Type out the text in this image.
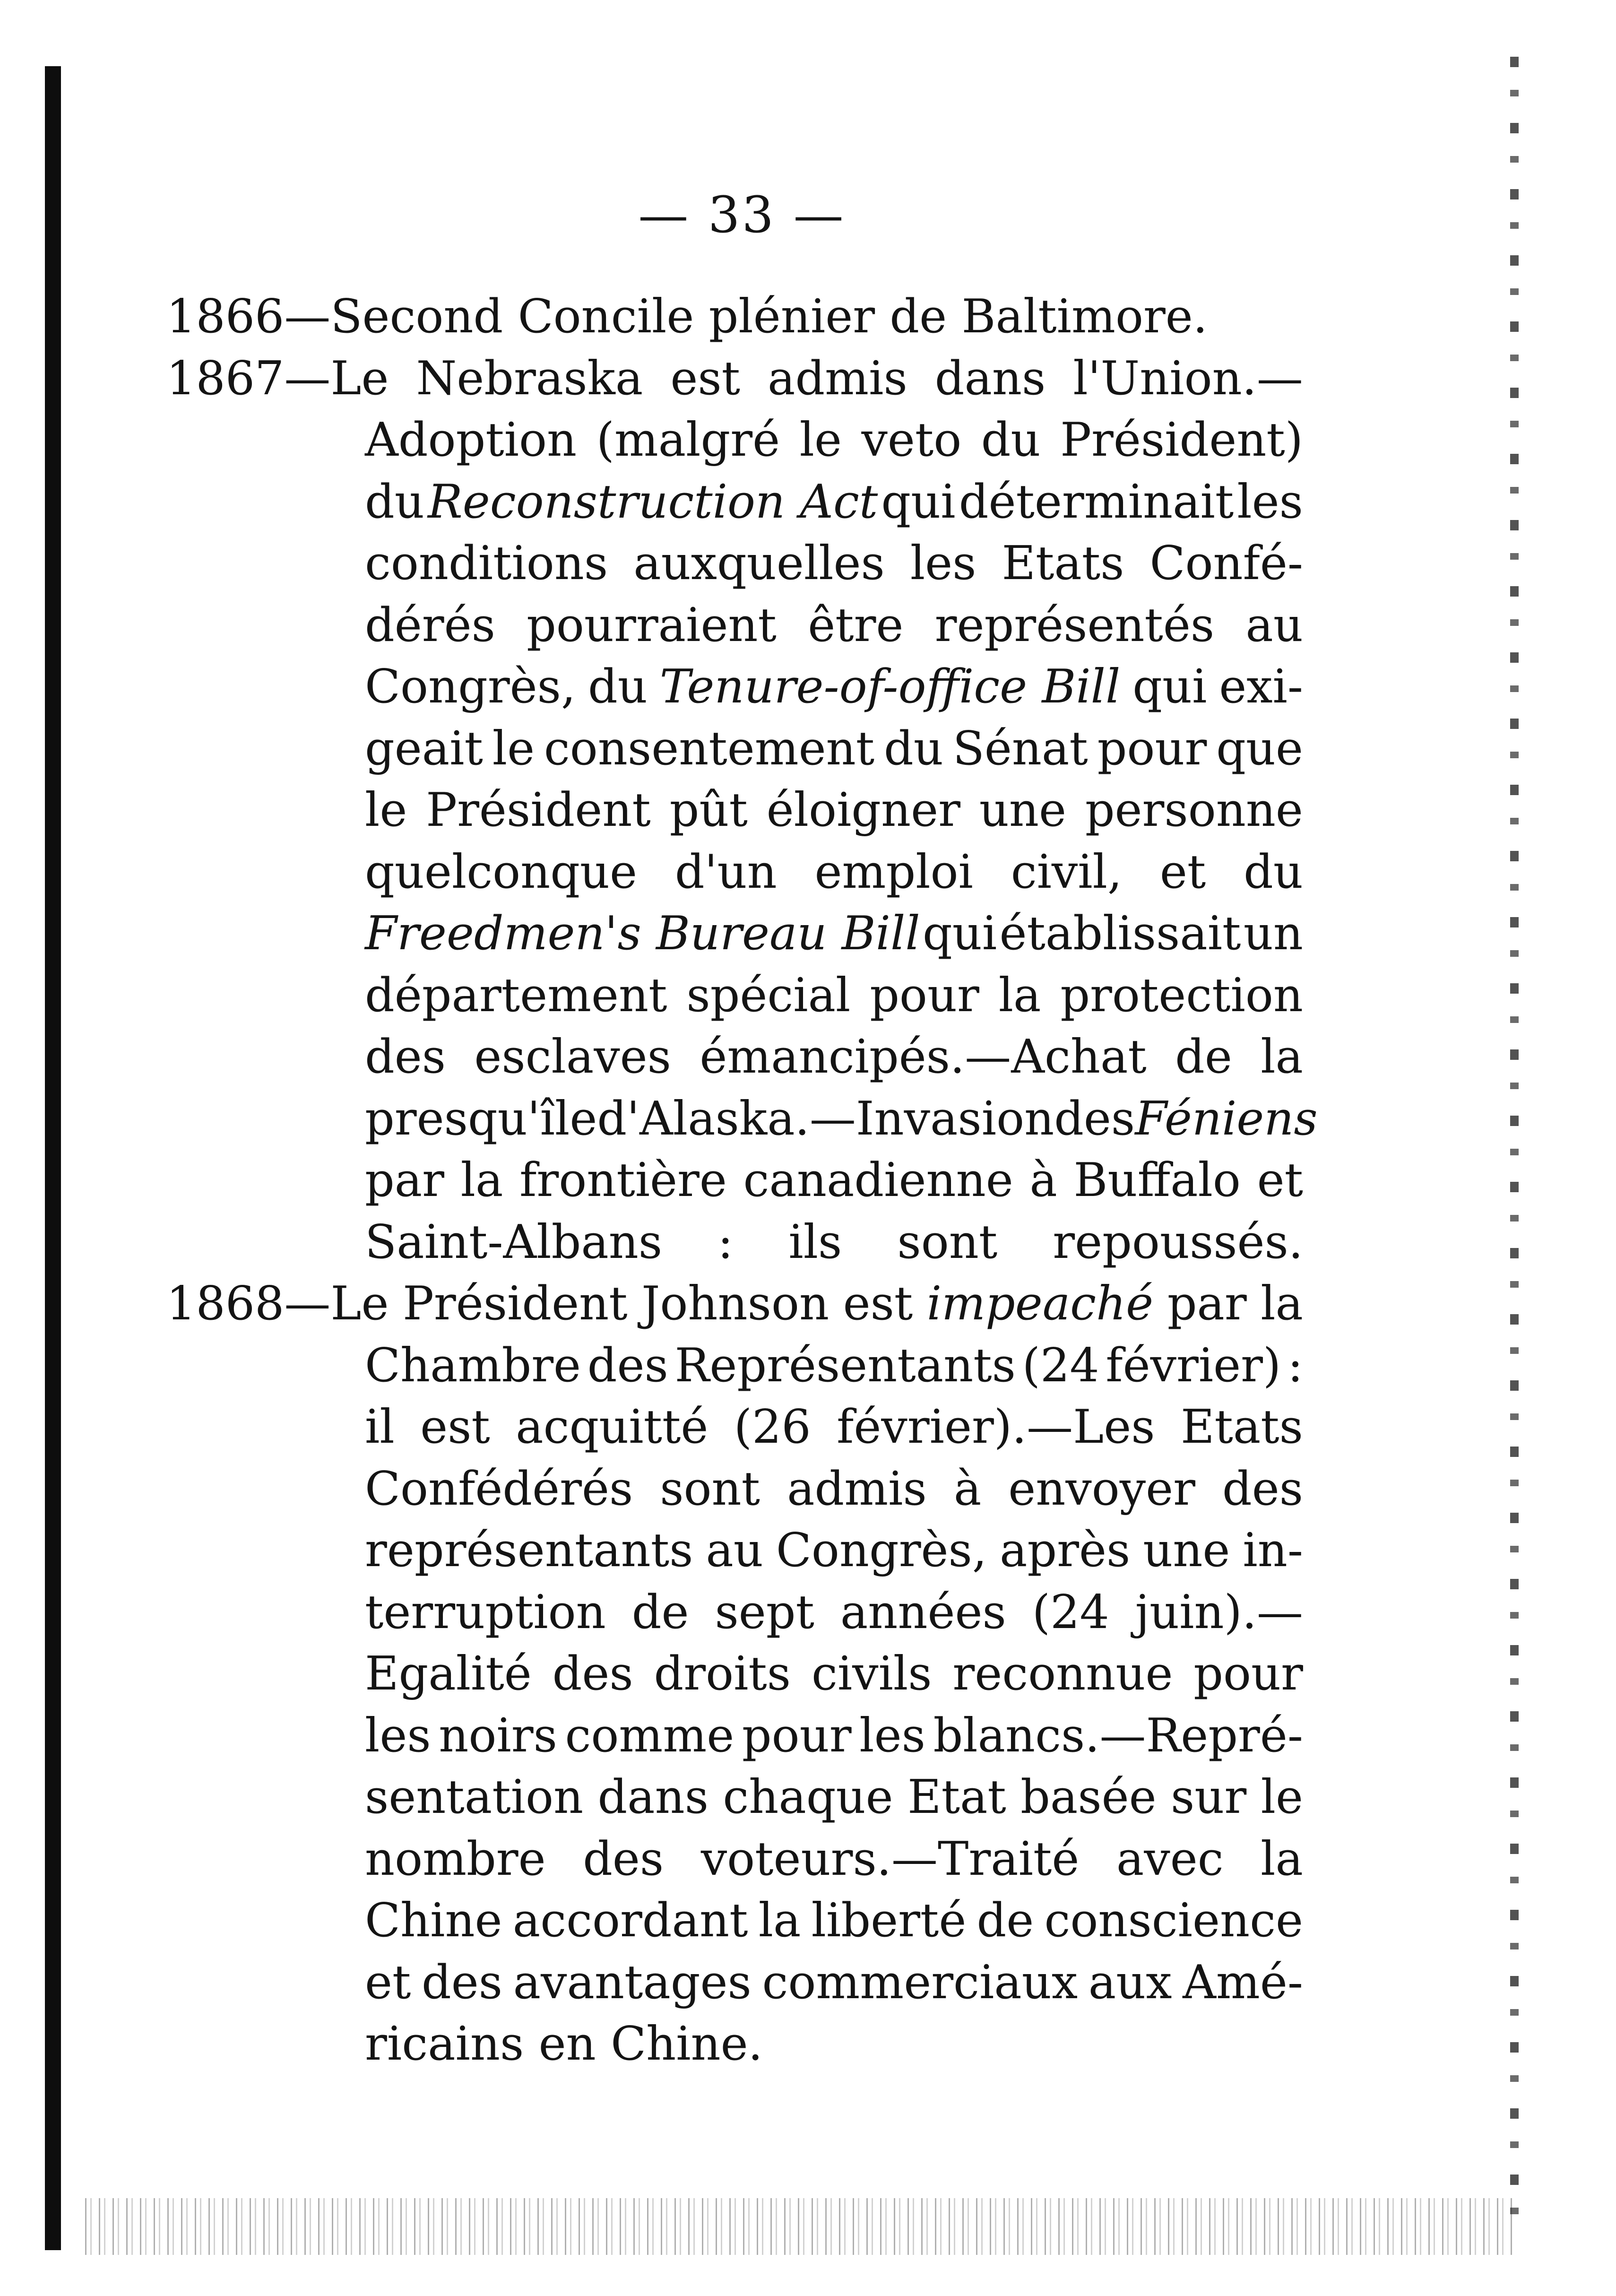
— 33 —
1866—Second Concile plénier de Baltimore.
1867—Le Nebraska est admis dans l'Union.—
Adoption (malgré le veto du Président)
du Reconstruction Act qui déterminait les
conditions auxquelles les Etats Confé-
dérés pourraient être représentés au
Congrès, du Tenure-of-office Bill qui exi-
geait le consentement du Sénat pour que
le Président pût éloigner une personne
quelconque d'un emploi civil, et du
Freedmen's Bureau Bill qui établissait un
département spécial pour la protection
des esclaves émancipés.—Achat de la
presqu'île d'Alaska.—Invasion des Féniens
par la frontière canadienne à Buffalo et
Saint-Albans : ils sont repoussés.
1868—Le Président Johnson est impeaché par la
Chambre des Représentants (24 février) :
il est acquitté (26 février).—Les Etats
Confédérés sont admis à envoyer des
représentants au Congrès, après une in-
terruption de sept années (24 juin).—
Egalité des droits civils reconnue pour
les noirs comme pour les blancs.—Repré-
sentation dans chaque Etat basée sur le
nombre des voteurs.—Traité avec la
Chine accordant la liberté de conscience
et des avantages commerciaux aux Amé-
ricains en Chine.
